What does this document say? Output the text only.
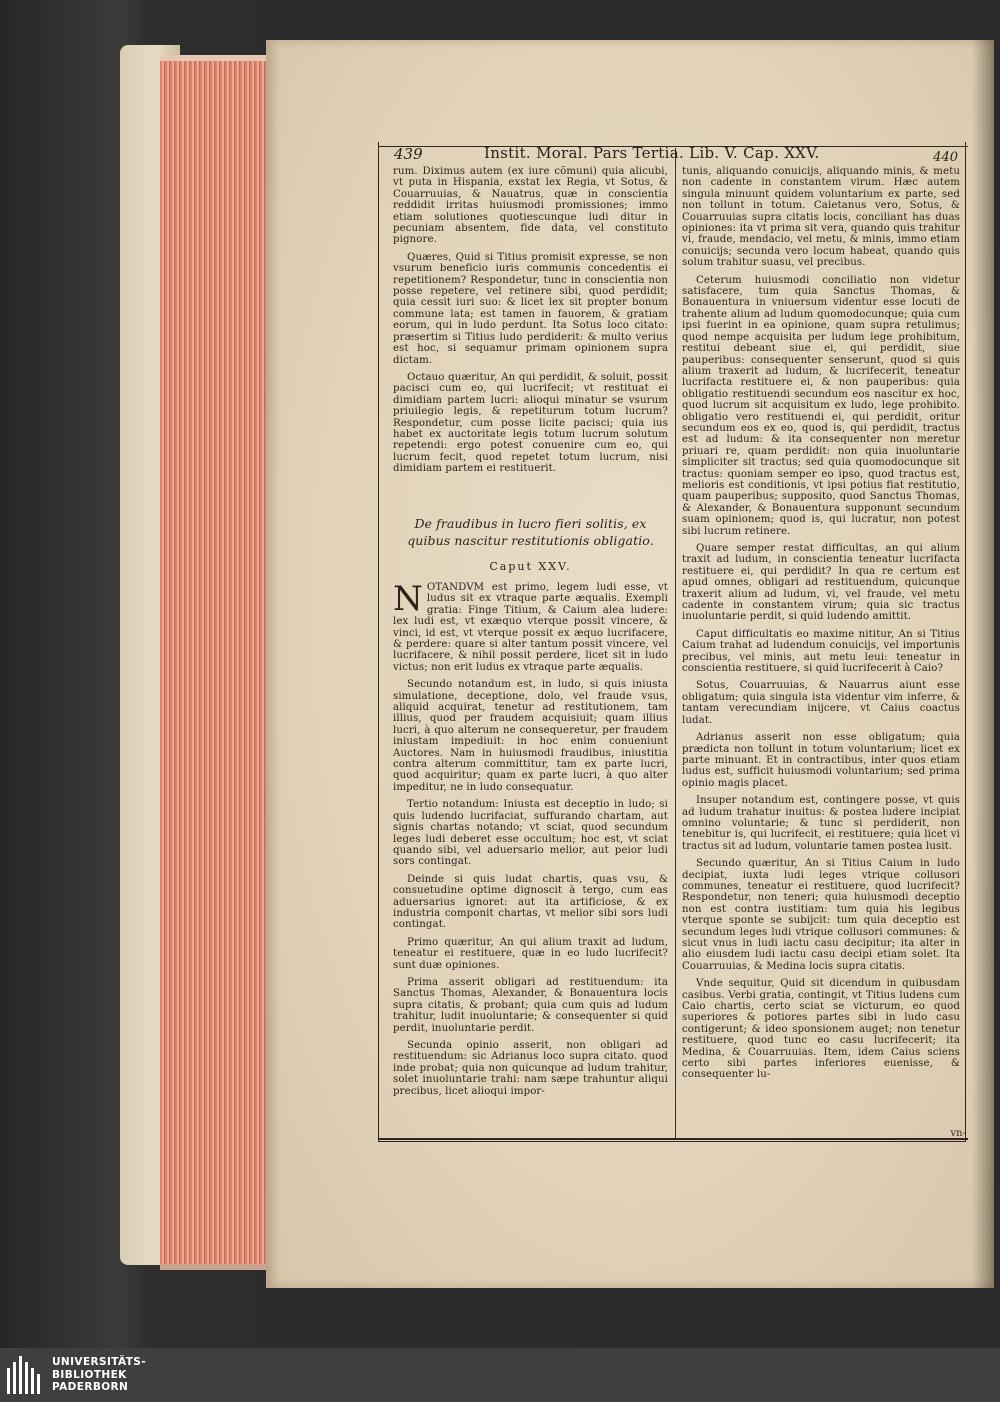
439	Instit. Moral. Pars Tertia. Lib. V. Cap. XXV.	440

rum. Diximus autem (ex iure cõmuni) quia alicubi, vt puta in Hispania, exstat lex Regia, vt Sotus, & Couarruuias, & Nauatrus, quæ in conscientia reddidit irritas huiusmodi promissiones; immo etiam solutiones quotiescunque ludi ditur in pecuniam absentem, fide data, vel constituto pignore.

Quæres, Quid si Titius promisit expresse, se non vsurum beneficio iuris communis concedentis ei repetitionem? Respondetur, tunc in conscientia non posse repetere, vel retinere sibi, quod perdidit; quia cessit iuri suo: & licet lex sit propter bonum commune lata; est tamen in fauorem, & gratiam eorum, qui in ludo perdunt. Ita Sotus loco citato: præsertim si Titius ludo perdiderit: & multo verius est hoc, si sequamur primam opinionem supra dictam.

Octauo quæritur, An qui perdidit, & soluit, possit pacisci cum eo, qui lucrifecit; vt restituat ei dimidiam partem lucri: alioqui minatur se vsurum priuilegio legis, & repetiturum totum lucrum? Respondetur, cum posse licite pacisci; quia ius habet ex auctoritate legis totum lucrum solutum repetendi: ergo potest conuenire cum eo, qui lucrum fecit, quod repetet totum lucrum, nisi dimidiam partem ei restituerit.

De fraudibus in lucro fieri solitis, ex quibus nascitur restitutionis obligatio.
Caput XXV.

NOTANDVM est primo, legem ludi esse, vt ludus sit ex vtraque parte æqualis. Exempli gratia: Finge Titium, & Caium alea ludere: lex ludi est, vt exæquo vterque possit vincere, & vinci, id est, vt vterque possit ex æquo lucrifacere, & perdere: quare si alter tantum possit vincere, vel lucrifacere, & nihil possit perdere, licet sit in ludo victus; non erit ludus ex vtraque parte æqualis.

Secundo notandum est, in ludo, si quis iniusta simulatione, deceptione, dolo, vel fraude vsus, aliquid acquirat, tenetur ad restitutionem, tam illius, quod per fraudem acquisiuit; quam illius lucri, à quo alterum ne consequeretur, per fraudem iniustam impediuit: in hoc enim conueniunt Auctores. Nam in huiusmodi fraudibus, iniustitia contra alterum committitur, tam ex parte lucri, quod acquiritur; quam ex parte lucri, à quo alter impeditur, ne in ludo consequatur.

Tertio notandum: Iniusta est deceptio in ludo; si quis ludendo lucrifaciat, suffurando chartam, aut signis chartas notando; vt sciat, quod secundum leges ludi deberet esse occultum; hoc est, vt sciat quando sibi, vel aduersario melior, aut peior ludi sors contingat.

Deinde si quis ludat chartis, quas vsu, & consuetudine optime dignoscit à tergo, cum eas aduersarius ignoret: aut ita artificiose, & ex industria componit chartas, vt melior sibi sors ludi contingat.

Primo quæritur, An qui alium traxit ad ludum, teneatur ei restituere, quæ in eo ludo lucrifecit? sunt duæ opiniones.

Prima asserit obligari ad restituendum: ita Sanctus Thomas, Alexander, & Bonauentura locis supra citatis, & probant; quia cum quis ad ludum trahitur, ludit inuoluntarie; & consequenter si quid perdit, inuoluntarie perdit.

Secunda opinio asserit, non obligari ad restituendum: sic Adrianus loco supra citato. quod inde probat; quia non quicunque ad ludum trahitur, solet inuoluntarie trahi: nam sæpe trahuntur aliqui precibus, licet alioqui impor-

tunis, aliquando conuicijs, aliquando minis, & metu non cadente in constantem virum. Hæc autem singula minuunt quidem voluntarium ex parte, sed non tollunt in totum. Caietanus vero, Sotus, & Couarruuias supra citatis locis, conciliant has duas opiniones: ita vt prima sit vera, quando quis trahitur vi, fraude, mendacio, vel metu, & minis, immo etiam conuicijs; secunda vero locum habeat, quando quis solum trahitur suasu, vel precibus.

Ceterum huiusmodi conciliatio non videtur satisfacere, tum quia Sanctus Thomas, & Bonauentura in vniuersum videntur esse locuti de trahente alium ad ludum quomodocunque; quia cum ipsi fuerint in ea opinione, quam supra retulimus; quod nempe acquisita per ludum lege prohibitum, restitui debeant siue ei, qui perdidit, siue pauperibus: consequenter senserunt, quod si quis alium traxerit ad ludum, & lucrifecerit, teneatur lucrifacta restituere ei, & non pauperibus: quia obligatio restituendi secundum eos nascitur ex hoc, quod lucrum sit acquisitum ex ludo, lege prohibito. obligatio vero restituendi ei, qui perdidit, oritur secundum eos ex eo, quod is, qui perdidit, tractus est ad ludum: & ita consequenter non meretur priuari re, quam perdidit: non quia inuoluntarie simpliciter sit tractus; sed quia quomodocunque sit tractus: quoniam semper eo ipso, quod tractus est, melioris est conditionis, vt ipsi potius fiat restitutio, quam pauperibus; supposito, quod Sanctus Thomas, & Alexander, & Bonauentura supponunt secundum suam opinionem; quod is, qui lucratur, non potest sibi lucrum retinere.

Quare semper restat difficultas, an qui alium traxit ad ludum, in conscientia teneatur lucrifacta restituere ei, qui perdidit? In qua re certum est apud omnes, obligari ad restituendum, quicunque traxerit alium ad ludum, vi, vel fraude, vel metu cadente in constantem virum; quia sic tractus inuoluntarie perdit, si quid ludendo amittit.

Caput difficultatis eo maxime nititur, An si Titius Caium trahat ad ludendum conuicijs, vel importunis precibus, vel minis, aut metu leui: teneatur in conscientia restituere, si quid lucrifecerit à Caio?

Sotus, Couarruuias, & Nauarrus aiunt esse obligatum; quia singula ista videntur vim inferre, & tantam verecundiam inijcere, vt Caius coactus ludat.

Adrianus asserit non esse obligatum; quia prædicta non tollunt in totum voluntarium; licet ex parte minuant. Et in contractibus, inter quos etiam ludus est, sufficit huiusmodi voluntarium; sed prima opinio magis placet.

Insuper notandum est, contingere posse, vt quis ad ludum trahatur inuitus: & postea ludere incipiat omnino voluntarie; & tunc si perdiderit, non tenebitur is, qui lucrifecit, ei restituere; quia licet vi tractus sit ad ludum, voluntarie tamen postea lusit.

Secundo quæritur, An si Titius Caium in ludo decipiat, iuxta ludi leges vtrique collusori communes, teneatur ei restituere, quod lucrifecit? Respondetur, non teneri; quia huiusmodi deceptio non est contra iustitiam: tum quia his legibus vterque sponte se subijcit: tum quia deceptio est secundum leges ludi vtrique collusori communes: & sicut vnus in ludi iactu casu decipitur; ita alter in alio eiusdem ludi iactu casu decipi etiam solet. Ita Couarruuias, & Medina locis supra citatis.

Vnde sequitur, Quid sit dicendum in quibusdam casibus. Verbi gratia, contingit, vt Titius ludens cum Caio chartis, certo sciat se victurum, eo quod superiores & potiores partes sibi in ludo casu contigerunt; & ideo sponsionem auget; non tenetur restituere, quod tunc eo casu lucrifecerit; ita Medina, & Couarruuias. Item, idem Caius sciens certo sibi partes inferiores euenisse, & consequenter lu-

vn-
UNIVERSITÄTS-
BIBLIOTHEK
PADERBORN
